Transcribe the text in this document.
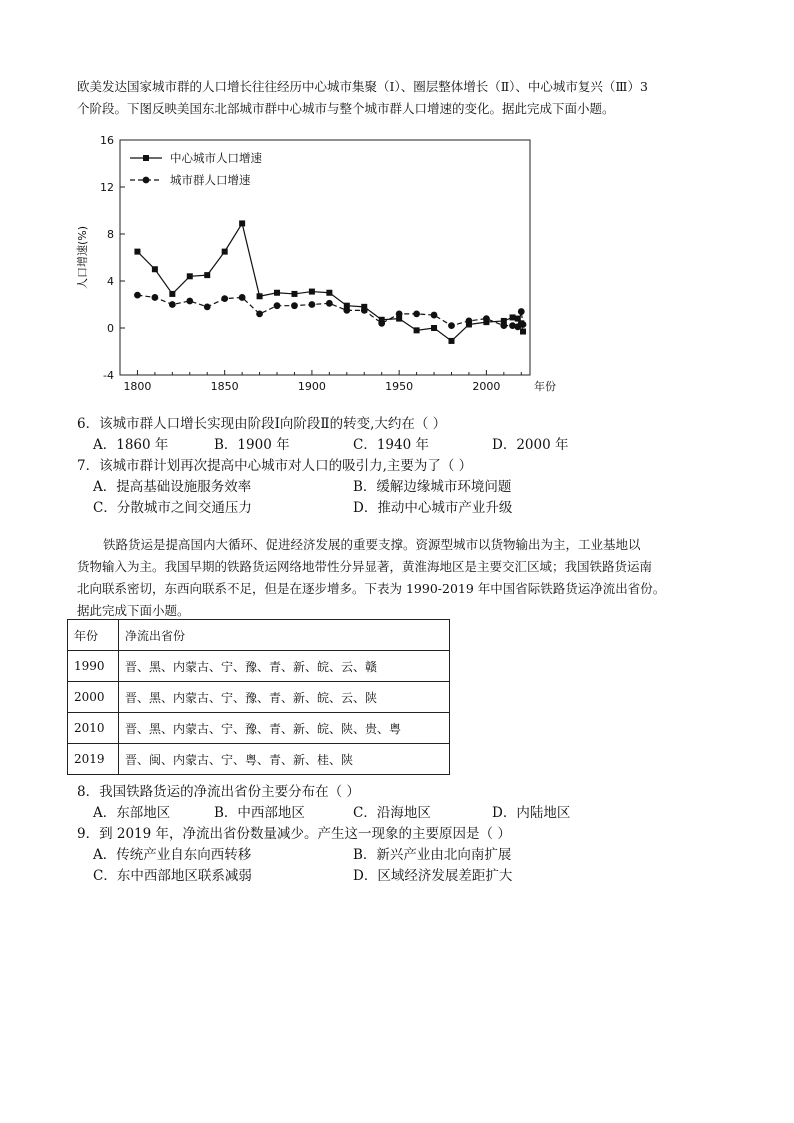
欧美发达国家城市群的人口增长往往经历中心城市集聚（Ⅰ）、圈层整体增长（Ⅱ）、中心城市复兴（Ⅲ）3
个阶段。下图反映美国东北部城市群中心城市与整个城市群人口增速的变化。据此完成下面小题。
-4
0
4
8
12
16
1800	1850	1900	1950	2000	年份
人口增速(%)
中心城市人口增速
城市群人口增速
6．该城市群人口增长实现由阶段Ⅰ向阶段Ⅱ的转变,大约在（ ）
A．1860 年	B．1900 年	C．1940 年	D．2000 年
7．该城市群计划再次提高中心城市对人口的吸引力,主要为了（ ）
A．提高基础设施服务效率	B．缓解边缘城市环境问题
C．分散城市之间交通压力	D．推动中心城市产业升级
铁路货运是提高国内大循环、促进经济发展的重要支撑。资源型城市以货物输出为主，工业基地以
货物输入为主。我国早期的铁路货运网络地带性分异显著，黄淮海地区是主要交汇区域；我国铁路货运南
北向联系密切，东西向联系不足，但是在逐步增多。下表为 1990-2019 年中国省际铁路货运净流出省份。
据此完成下面小题。
年份	净流出省份
1990	晋、黑、内蒙古、宁、豫、青、新、皖、云、赣
2000	晋、黑、内蒙古、宁、豫、青、新、皖、云、陕
2010	晋、黑、内蒙古、宁、豫、青、新、皖、陕、贵、粤
2019	晋、闽、内蒙古、宁、粤、青、新、桂、陕
8．我国铁路货运的净流出省份主要分布在（ ）
A．东部地区	B．中西部地区	C．沿海地区	D．内陆地区
9．到 2019 年，净流出省份数量减少。产生这一现象的主要原因是（ ）
A．传统产业自东向西转移	B．新兴产业由北向南扩展
C．东中西部地区联系减弱	D．区域经济发展差距扩大
